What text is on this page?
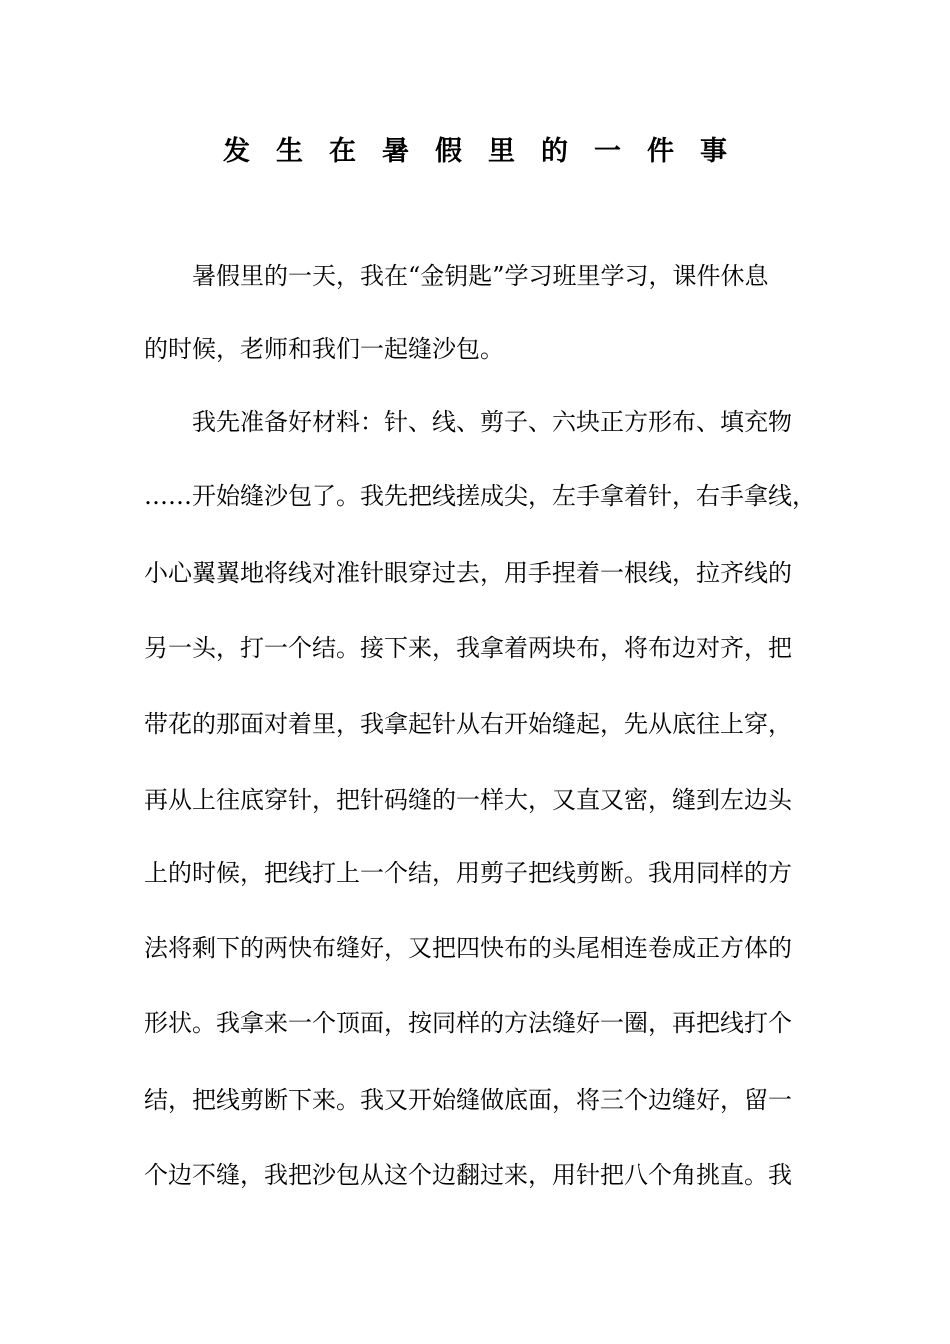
发生在暑假里的一件事
　　暑假里的一天，我在“金钥匙”学习班里学习，课件休息
的时候，老师和我们一起缝沙包。
　　我先准备好材料：针、线、剪子、六块正方形布、填充物
……开始缝沙包了。我先把线搓成尖，左手拿着针，右手拿线，
小心翼翼地将线对准针眼穿过去，用手捏着一根线，拉齐线的
另一头，打一个结。接下来，我拿着两块布，将布边对齐，把
带花的那面对着里，我拿起针从右开始缝起，先从底往上穿，
再从上往底穿针，把针码缝的一样大，又直又密，缝到左边头
上的时候，把线打上一个结，用剪子把线剪断。我用同样的方
法将剩下的两快布缝好，又把四快布的头尾相连卷成正方体的
形状。我拿来一个顶面，按同样的方法缝好一圈，再把线打个
结，把线剪断下来。我又开始缝做底面，将三个边缝好，留一
个边不缝，我把沙包从这个边翻过来，用针把八个角挑直。我
